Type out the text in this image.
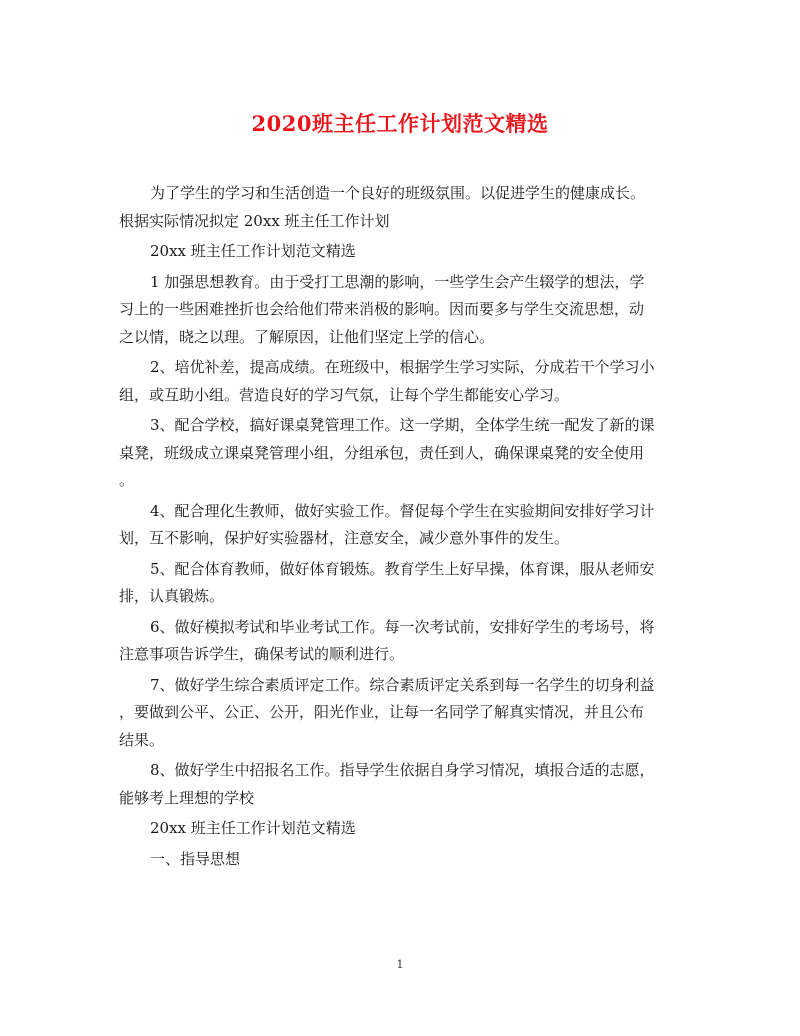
2020班主任工作计划范文精选
为了学生的学习和生活创造一个良好的班级氛围。以促进学生的健康成长。
根据实际情况拟定 20xx 班主任工作计划
20xx 班主任工作计划范文精选
1 加强思想教育。由于受打工思潮的影响，一些学生会产生辍学的想法，学
习上的一些困难挫折也会给他们带来消极的影响。因而要多与学生交流思想，动
之以情，晓之以理。了解原因，让他们坚定上学的信心。
2、培优补差，提高成绩。在班级中，根据学生学习实际，分成若干个学习小
组，或互助小组。营造良好的学习气氛，让每个学生都能安心学习。
3、配合学校，搞好课桌凳管理工作。这一学期，全体学生统一配发了新的课
桌凳，班级成立课桌凳管理小组，分组承包，责任到人，确保课桌凳的安全使用
。
4、配合理化生教师，做好实验工作。督促每个学生在实验期间安排好学习计
划，互不影响，保护好实验器材，注意安全，减少意外事件的发生。
5、配合体育教师，做好体育锻炼。教育学生上好早操，体育课，服从老师安
排，认真锻炼。
6、做好模拟考试和毕业考试工作。每一次考试前，安排好学生的考场号，将
注意事项告诉学生，确保考试的顺利进行。
7、做好学生综合素质评定工作。综合素质评定关系到每一名学生的切身利益
，要做到公平、公正、公开，阳光作业，让每一名同学了解真实情况，并且公布
结果。
8、做好学生中招报名工作。指导学生依据自身学习情况，填报合适的志愿，
能够考上理想的学校
20xx 班主任工作计划范文精选
一、指导思想
1
